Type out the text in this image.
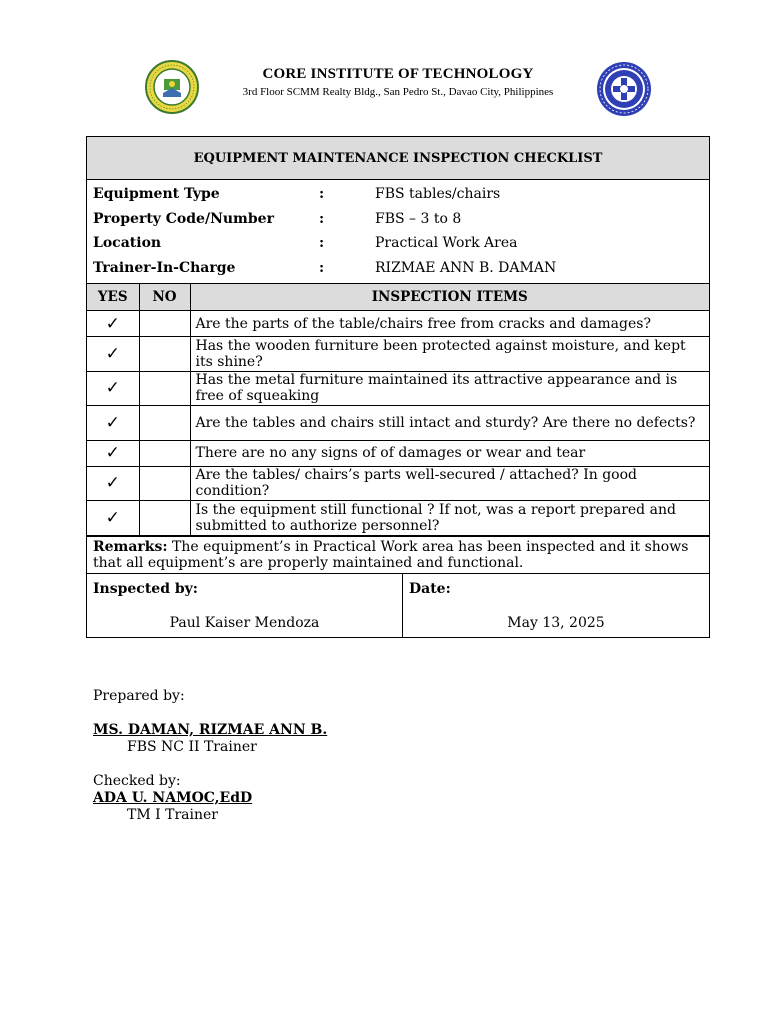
CORE INSTITUTE OF TECHNOLOGY
3rd Floor SCMM Realty Bldg., San Pedro St., Davao City, Philippines
EQUIPMENT MAINTENANCE INSPECTION CHECKLIST
Equipment Type	:	FBS tables/chairs
Property Code/Number	:	FBS – 3 to 8
Location	:	Practical Work Area
Trainer-In-Charge	:	RIZMAE ANN B. DAMAN
YES	NO	INSPECTION ITEMS
✓		Are the parts of the table/chairs free from cracks and damages?
✓		Has the wooden furniture been protected against moisture, and kept its shine?
✓		Has the metal furniture maintained its attractive appearance and is free of squeaking
✓		Are the tables and chairs still intact and sturdy? Are there no defects?
✓		There are no any signs of of damages or wear and tear
✓		Are the tables/ chairs’s parts well-secured / attached? In good condition?
✓		Is the equipment still functional ? If not, was a report prepared and submitted to authorize personnel?
Remarks: The equipment’s in Practical Work area has been inspected and it shows that all equipment’s are properly maintained and functional.
Inspected by:
Paul Kaiser Mendoza
Date:
May 13, 2025
Prepared by:
MS. DAMAN, RIZMAE ANN B.
FBS NC II Trainer
Checked by:
ADA U. NAMOC,EdD
TM I Trainer
